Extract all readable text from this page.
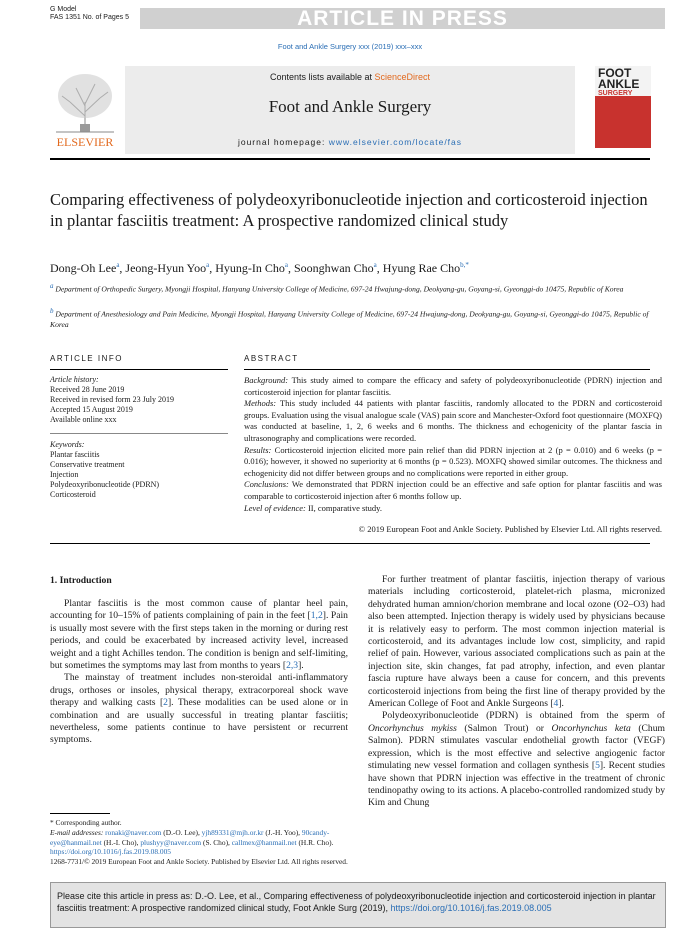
G Model
FAS 1351 No. of Pages 5	ARTICLE IN PRESS
Foot and Ankle Surgery xxx (2019) xxx–xxx
ELSEVIER
Contents lists available at ScienceDirect
Foot and Ankle Surgery
journal homepage: www.elsevier.com/locate/fas
FOOT
ANKLE
SURGERY
Comparing effectiveness of polydeoxyribonucleotide injection and corticosteroid injection in plantar fasciitis treatment: A prospective randomized clinical study
Dong-Oh Lee$^a$, Jeong-Hyun Yoo$^a$, Hyung-In Cho$^a$, Soonghwan Cho$^a$, Hyung Rae Cho$^{b,*}$
$^a$ Department of Orthopedic Surgery, Myongji Hospital, Hanyang University College of Medicine, 697-24 Hwajung-dong, Deokyang-gu, Goyang-si, Gyeonggi-do 10475, Republic of Korea
$^b$ Department of Anesthesiology and Pain Medicine, Myongji Hospital, Hanyang University College of Medicine, 697-24 Hwajung-dong, Deokyang-gu, Goyang-si, Gyeonggi-do 10475, Republic of Korea
ARTICLE INFO	ABSTRACT
Article history:
Received 28 June 2019
Received in revised form 23 July 2019
Accepted 15 August 2019
Available online xxx
Keywords:
Plantar fasciitis
Conservative treatment
Injection
Polydeoxyribonucleotide (PDRN)
Corticosteroid

Background: This study aimed to compare the efficacy and safety of polydeoxyribonucleotide (PDRN) injection and corticosteroid injection for plantar fasciitis.

Methods: This study included 44 patients with plantar fasciitis, randomly allocated to the PDRN and corticosteroid groups. Evaluation using the visual analogue scale (VAS) pain score and Manchester-Oxford foot questionnaire (MOXFQ) was conducted at baseline, 1, 2, 6 weeks and 6 months. The thickness and echogenicity of the plantar fascia in ultrasonography and complications were recorded.

Results: Corticosteroid injection elicited more pain relief than did PDRN injection at 2 (p = 0.010) and 6 weeks (p = 0.016); however, it showed no superiority at 6 months (p = 0.523). MOXFQ showed similar outcomes. The thickness and echogenicity did not differ between groups and no complications were reported in either group.

Conclusions: We demonstrated that PDRN injection could be an effective and safe option for plantar fasciitis and was comparable to corticosteroid injection after 6 months follow up.

Level of evidence: II, comparative study.

© 2019 European Foot and Ankle Society. Published by Elsevier Ltd. All rights reserved.
1. Introduction

Plantar fasciitis is the most common cause of plantar heel pain, accounting for 10–15% of patients complaining of pain in the feet [1,2]. Pain is usually most severe with the first steps taken in the morning or during rest periods, and could be exacerbated by increased activity level, increased weight and a tight Achilles tendon. The condition is benign and self-limiting, but sometimes the symptoms may last from months to years [2,3].

The mainstay of treatment includes non-steroidal anti-inflammatory drugs, orthoses or insoles, physical therapy, extracorporeal shock wave therapy and walking casts [2]. These modalities can be used alone or in combination and are usually successful in treating plantar fasciitis; nevertheless, some patients continue to have persistent or recurrent symptoms.

For further treatment of plantar fasciitis, injection therapy of various materials including corticosteroid, platelet-rich plasma, micronized dehydrated human amnion/chorion membrane and local ozone (O2–O3) had also been attempted. Injection therapy is widely used by physicians because it is relatively easy to perform. The most common injection material is corticosteroid, and its advantages include low cost, simplicity, and rapid relief of pain. However, various associated complications such as pain at the injection site, skin changes, fat pad atrophy, infection, and even plantar fascia rupture have always been a cause for concern, and this prevents corticosteroid injections from being the first line of therapy provided by the American College of Foot and Ankle Surgeons [4].

Polydeoxyribonucleotide (PDRN) is obtained from the sperm of Oncorhynchus mykiss (Salmon Trout) or Oncorhynchus keta (Chum Salmon). PDRN stimulates vascular endothelial growth factor (VEGF) expression, which is the most effective and selective angiogenic factor stimulating new vessel formation and collagen synthesis [5]. Recent studies have shown that PDRN injection was effective in the treatment of chronic tendinopathy owing to its actions. A placebo-controlled randomized study by Kim and Chung

* Corresponding author.
E-mail addresses: ronaki@naver.com (D.-O. Lee), yjh89331@mjh.or.kr (J.-H. Yoo), 90candy-eye@hanmail.net (H.-I. Cho), plushyy@naver.com (S. Cho), callmex@hanmail.net (H.R. Cho).
https://doi.org/10.1016/j.fas.2019.08.005
1268-7731/© 2019 European Foot and Ankle Society. Published by Elsevier Ltd. All rights reserved.
Please cite this article in press as: D.-O. Lee, et al., Comparing effectiveness of polydeoxyribonucleotide injection and corticosteroid injection in plantar fasciitis treatment: A prospective randomized clinical study, Foot Ankle Surg (2019), https://doi.org/10.1016/j.fas.2019.08.005
